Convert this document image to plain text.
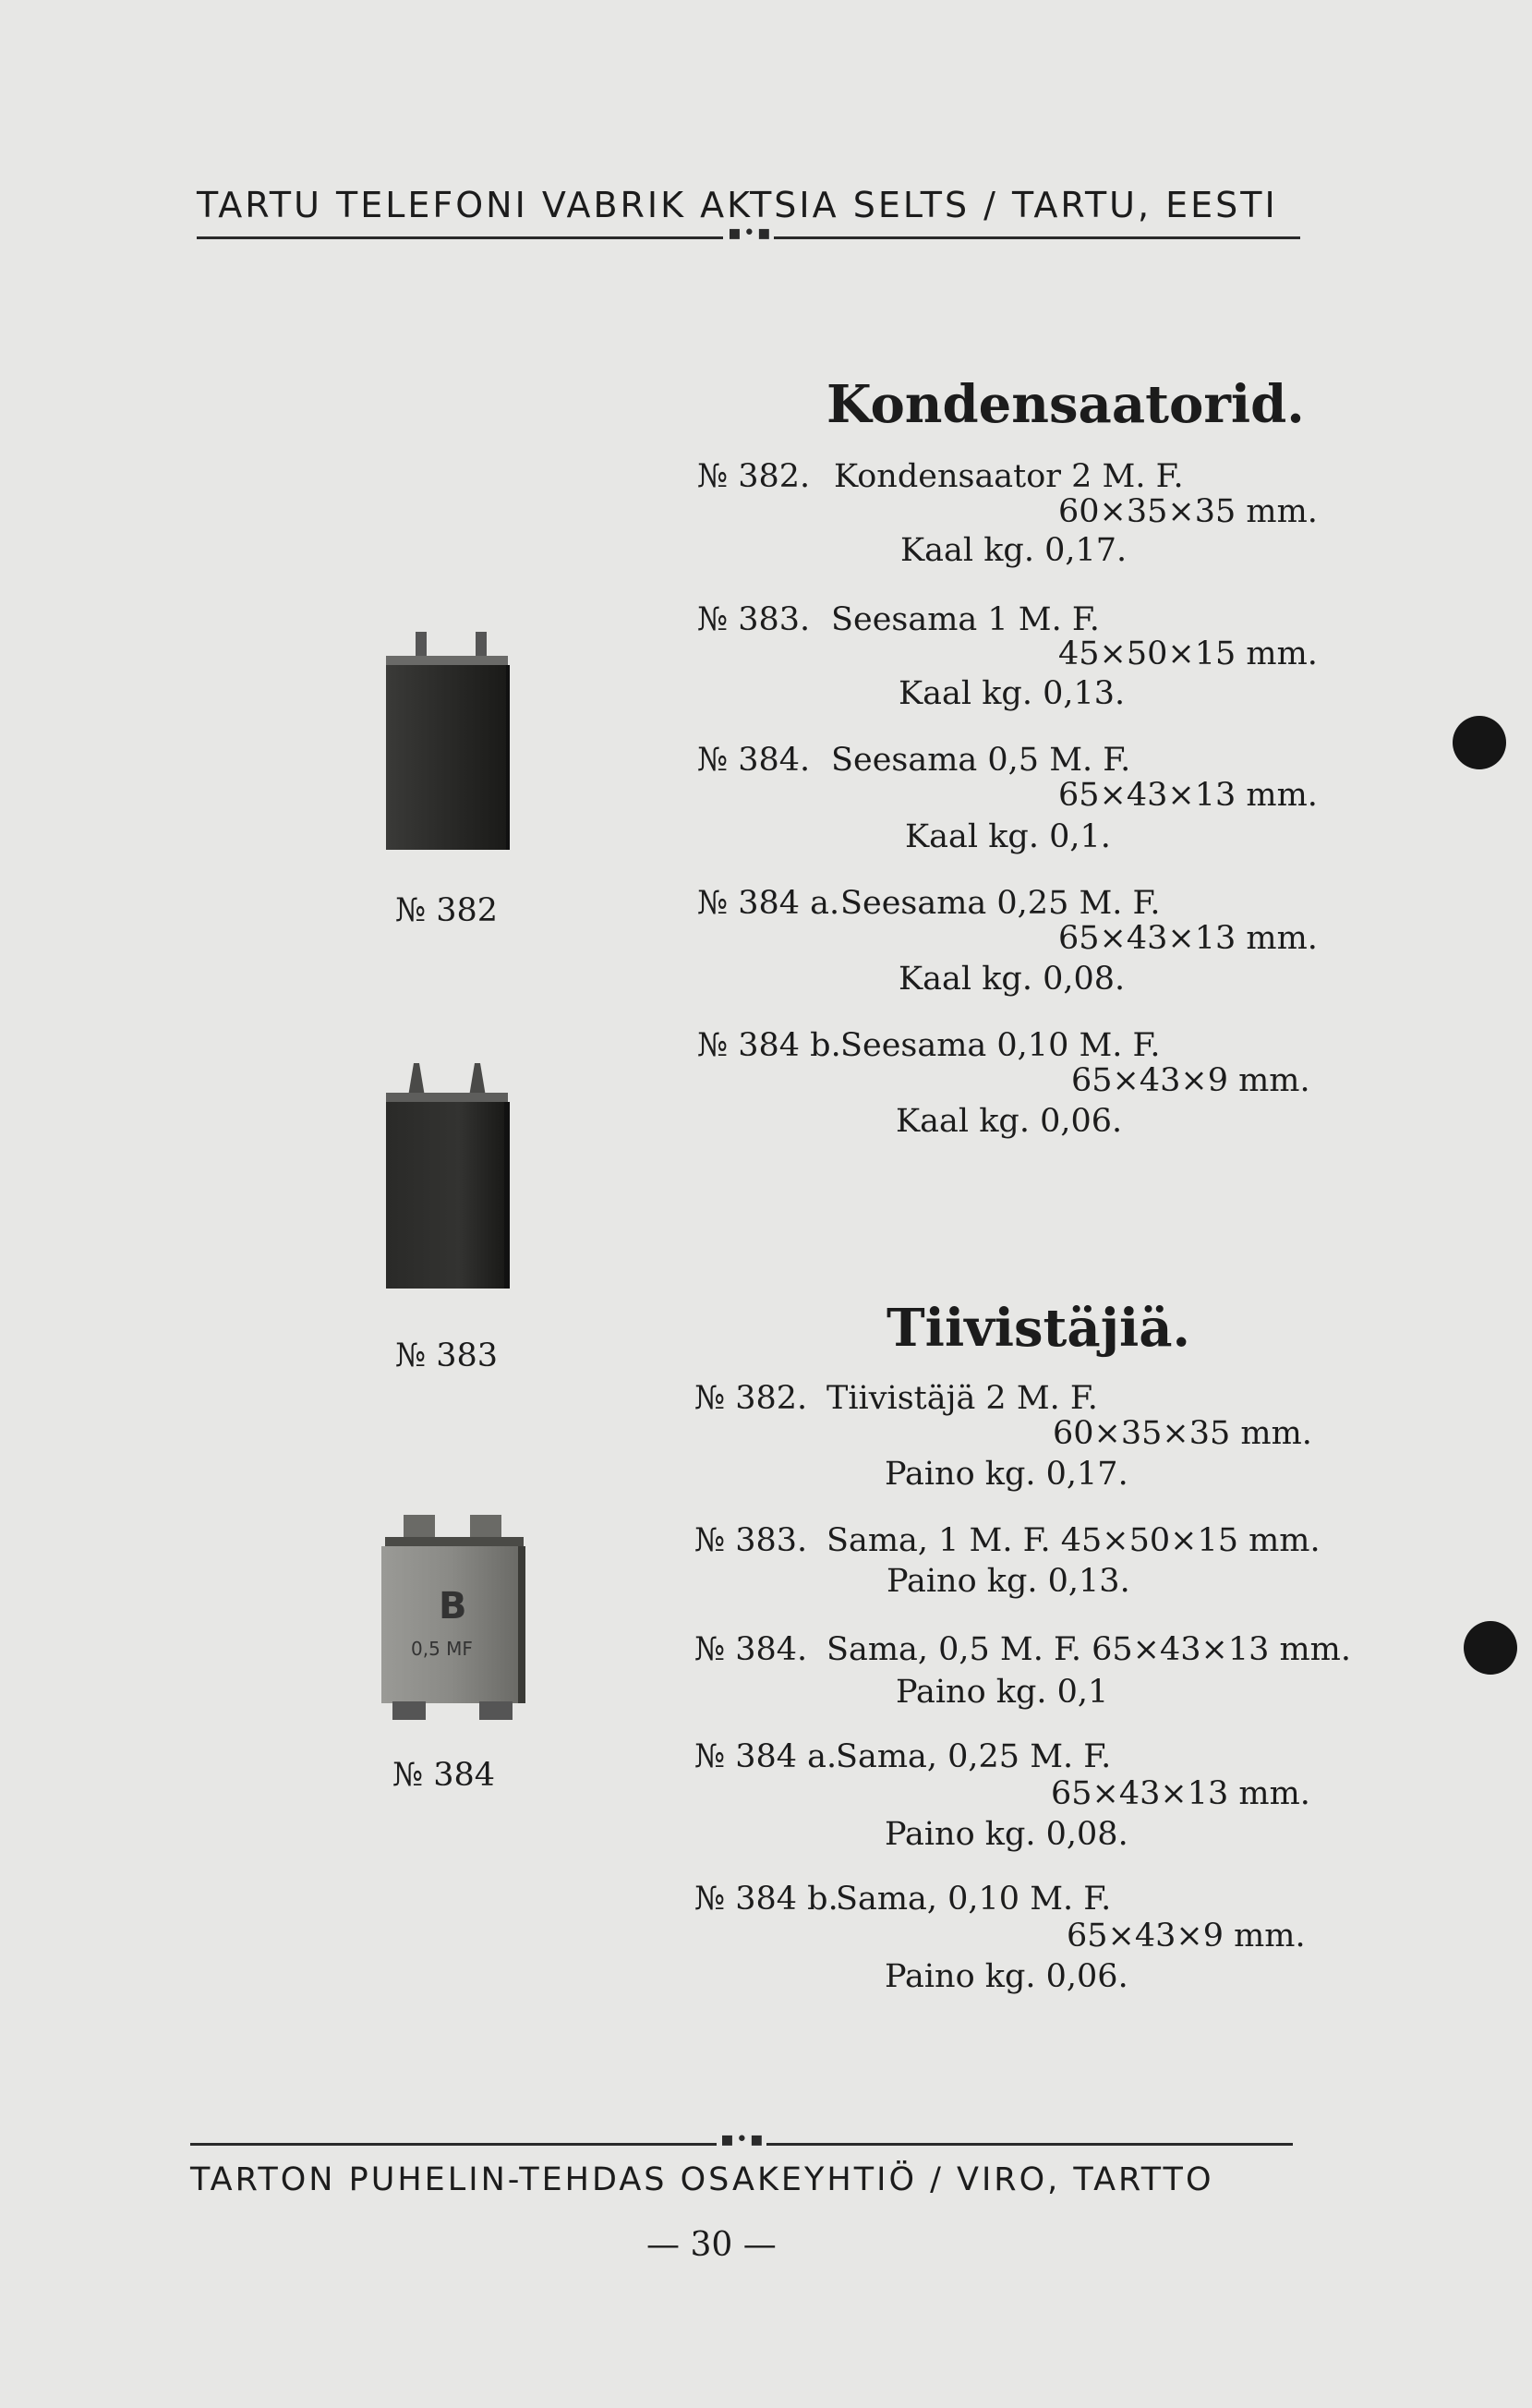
TARTU TELEFONI VABRIK AKTSIA SELTS / TARTU, EESTI
▪•▪
Kondensaatorid.
№ 382. Kondensaator 2 M. F.
60×35×35 mm.
Kaal kg. 0,17.
№ 383. Seesama 1 M. F.
45×50×15 mm.
Kaal kg. 0,13.
№ 384. Seesama 0,5 M. F.
65×43×13 mm.
Kaal kg. 0,1.
№ 384 a. Seesama 0,25 M. F.
65×43×13 mm.
Kaal kg. 0,08.
№ 384 b. Seesama 0,10 M. F.
65×43×9 mm.
Kaal kg. 0,06.
Tiivistäjiä.
№ 382. Tiivistäjä 2 M. F.
60×35×35 mm.
Paino kg. 0,17.
№ 383. Sama, 1 M. F. 45×50×15 mm.
Paino kg. 0,13.
№ 384. Sama, 0,5 M. F. 65×43×13 mm.
Paino kg. 0,1
№ 384 a.
Sama, 0,25 M. F.
65×43×13 mm.
Paino kg. 0,08.
№ 384 b.
Sama, 0,10 M. F.
65×43×9 mm.
Paino kg. 0,06.
№ 382
№ 383
B
0,5 MF
№ 384
▪•▪
TARTON PUHELIN-TEHDAS OSAKEYHTIÖ / VIRO, TARTTO
— 30 —
